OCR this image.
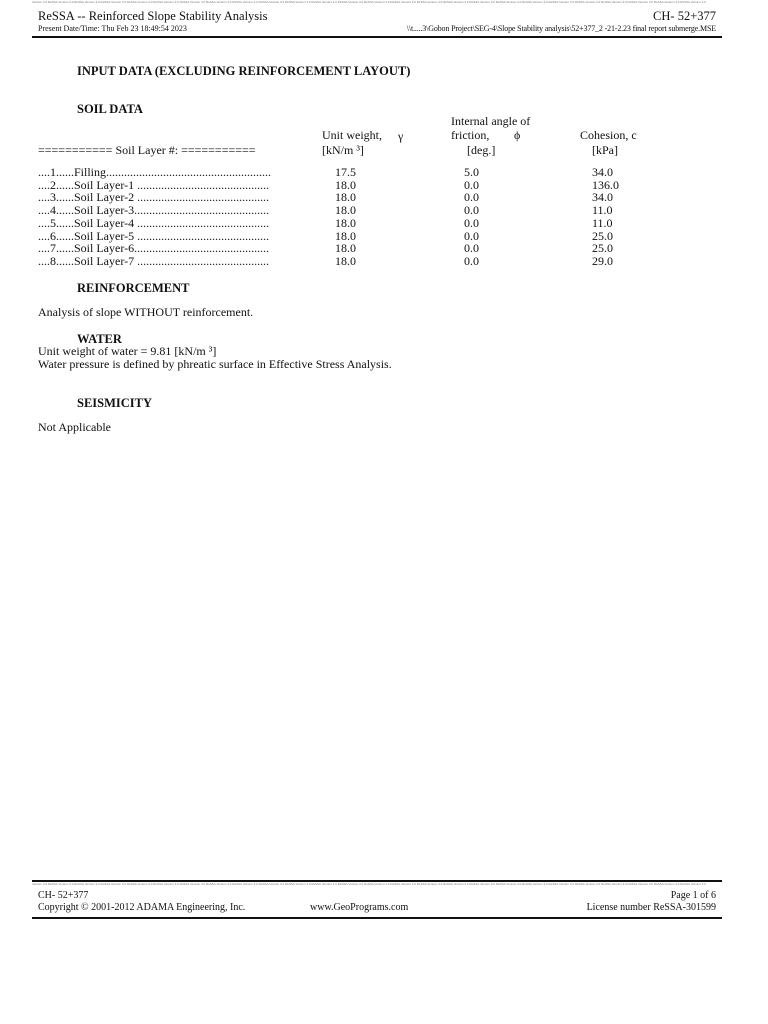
Version 3.0 ReSSA Version 3.0 ReSSA Version 3.0 ReSSA Version 3.0 ReSSA Version 3.0 ReSSA Version 3.0 ReSSA Version 3.0 ReSSA Version 3.0 ReSSA Version 3.0 ReSSA Version 3.0 ReSSA Version 3.0 ReSSA Version 3.0 ReSSA Version 3.0 ReSSA Version 3.0 ReSSA Version 3.0 ReSSA Version 3.0 ReSSA Version 3.0 ReSSA Version 3.0 ReSSA Version 3.0 ReSSA Version 3.0 ReSSA Version 3.0 ReSSA Version 3.0 ReSSA Version 3.0 ReSSA Version 3.0 ReSSA Version 3.0 ReSSA Version 3.0
ReSSA -- Reinforced Slope Stability Analysis	CH- 52+377
Present Date/Time: Thu Feb 23 18:49:54 2023	\\t.....3\Gobon Project\SEG-4\Slope Stability analysis\52+377_2 -21-2.23 final report submerge.MSE
INPUT DATA (EXCLUDING REINFORCEMENT LAYOUT)
SOIL DATA
Internal angle of
Unit weight, γ	friction, ϕ	Cohesion, c
=========== Soil Layer #: ===========	[kN/m ³]	[deg.]	[kPa]
....1......Filling.......................................................	17.5	5.0	34.0
....2......Soil Layer-1 ............................................	18.0	0.0	136.0
....3......Soil Layer-2 ............................................	18.0	0.0	34.0
....4......Soil Layer-3.............................................	18.0	0.0	11.0
....5......Soil Layer-4 ............................................	18.0	0.0	11.0
....6......Soil Layer-5 ............................................	18.0	0.0	25.0
....7......Soil Layer-6.............................................	18.0	0.0	25.0
....8......Soil Layer-7 ............................................	18.0	0.0	29.0
REINFORCEMENT
Analysis of slope WITHOUT reinforcement.
WATER
Unit weight of water = 9.81 [kN/m ³]
Water pressure is defined by phreatic surface in Effective Stress Analysis.
SEISMICITY
Not Applicable
Version 3.0 ReSSA Version 3.0 ReSSA Version 3.0 ReSSA Version 3.0 ReSSA Version 3.0 ReSSA Version 3.0 ReSSA Version 3.0 ReSSA Version 3.0 ReSSA Version 3.0 ReSSA Version 3.0 ReSSA Version 3.0 ReSSA Version 3.0 ReSSA Version 3.0 ReSSA Version 3.0 ReSSA Version 3.0 ReSSA Version 3.0 ReSSA Version 3.0 ReSSA Version 3.0 ReSSA Version 3.0 ReSSA Version 3.0 ReSSA Version 3.0 ReSSA Version 3.0 ReSSA Version 3.0 ReSSA Version 3.0 ReSSA Version 3.0 ReSSA Version 3.0
CH- 52+377	Page 1 of 6
Copyright © 2001-2012 ADAMA Engineering, Inc.	www.GeoPrograms.com	License number ReSSA-301599
